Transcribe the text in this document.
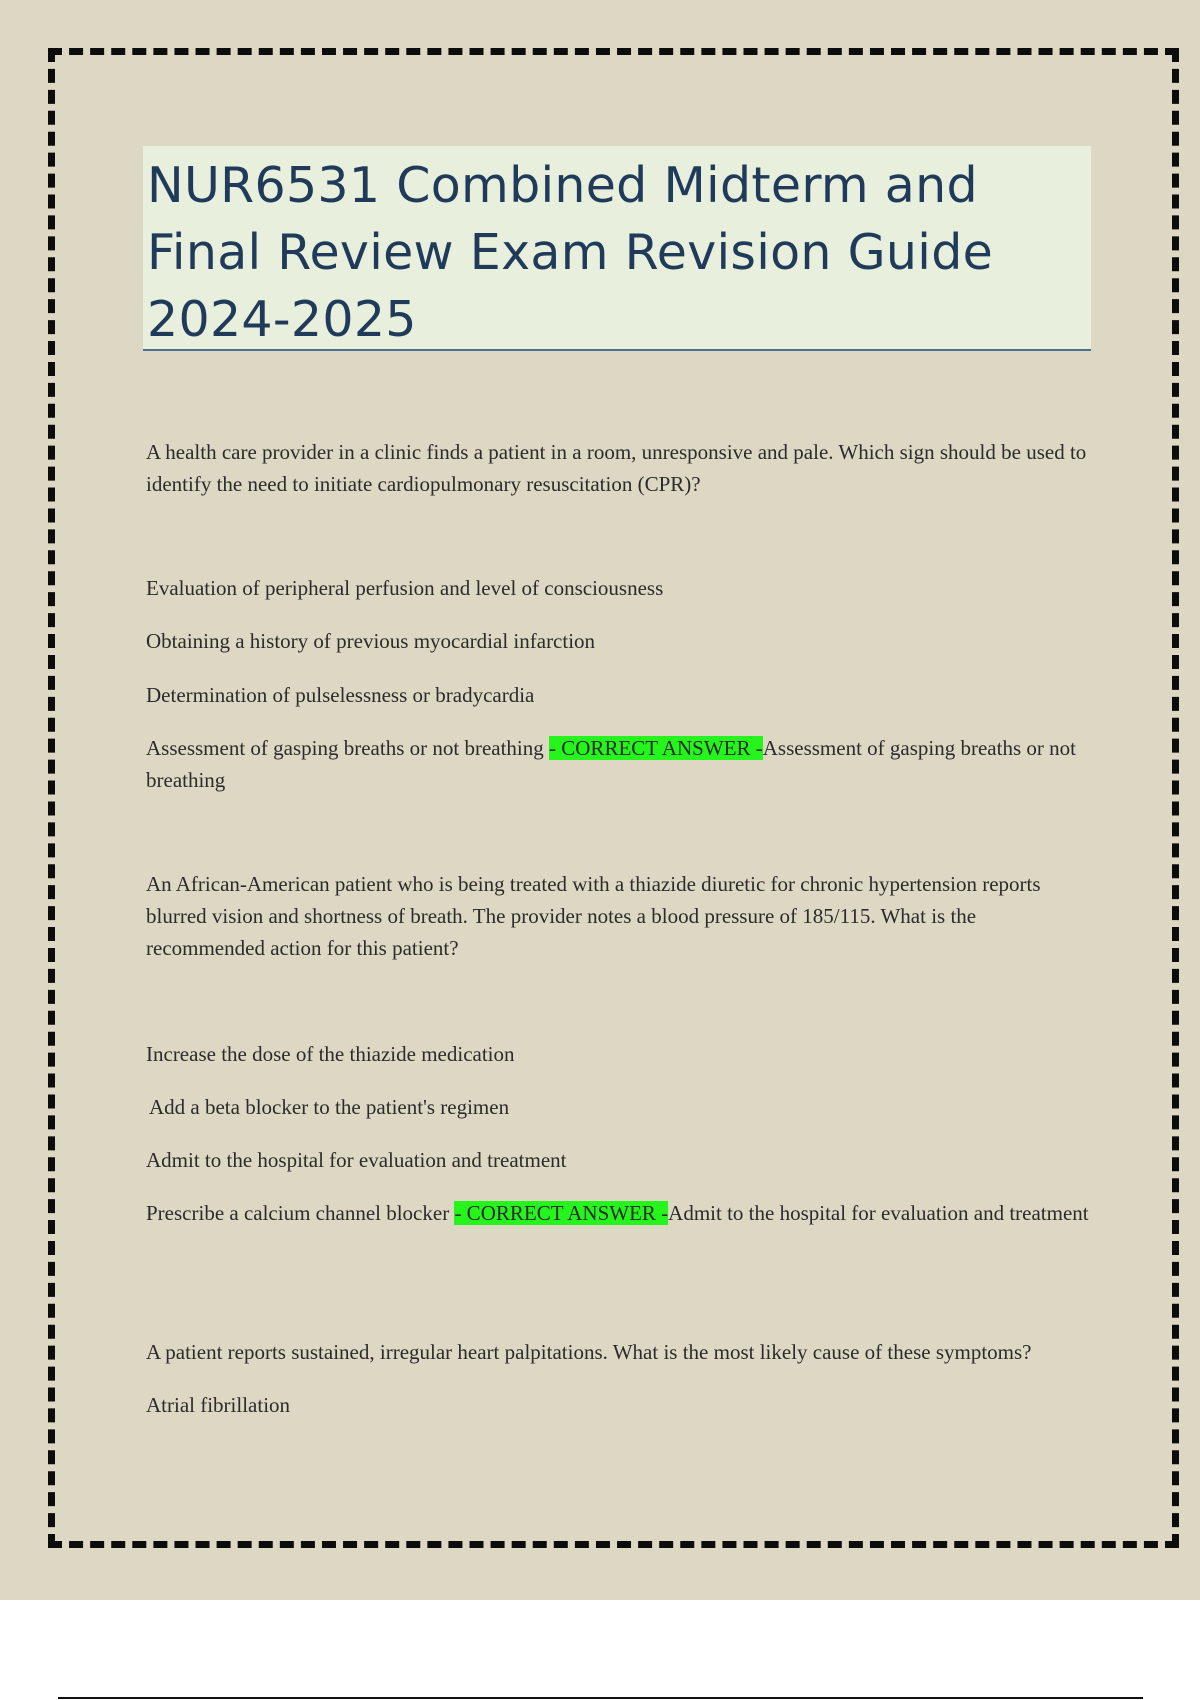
NUR6531 Combined Midterm and Final Review Exam Revision Guide 2024-2025

A health care provider in a clinic finds a patient in a room, unresponsive and pale. Which sign should be used to identify the need to initiate cardiopulmonary resuscitation (CPR)?

Evaluation of peripheral perfusion and level of consciousness

Obtaining a history of previous myocardial infarction

Determination of pulselessness or bradycardia

Assessment of gasping breaths or not breathing - CORRECT ANSWER -Assessment of gasping breaths or not breathing

An African-American patient who is being treated with a thiazide diuretic for chronic hypertension reports blurred vision and shortness of breath. The provider notes a blood pressure of 185/115. What is the recommended action for this patient?

Increase the dose of the thiazide medication

Add a beta blocker to the patient's regimen

Admit to the hospital for evaluation and treatment

Prescribe a calcium channel blocker - CORRECT ANSWER -Admit to the hospital for evaluation and treatment

A patient reports sustained, irregular heart palpitations. What is the most likely cause of these symptoms?

Atrial fibrillation
